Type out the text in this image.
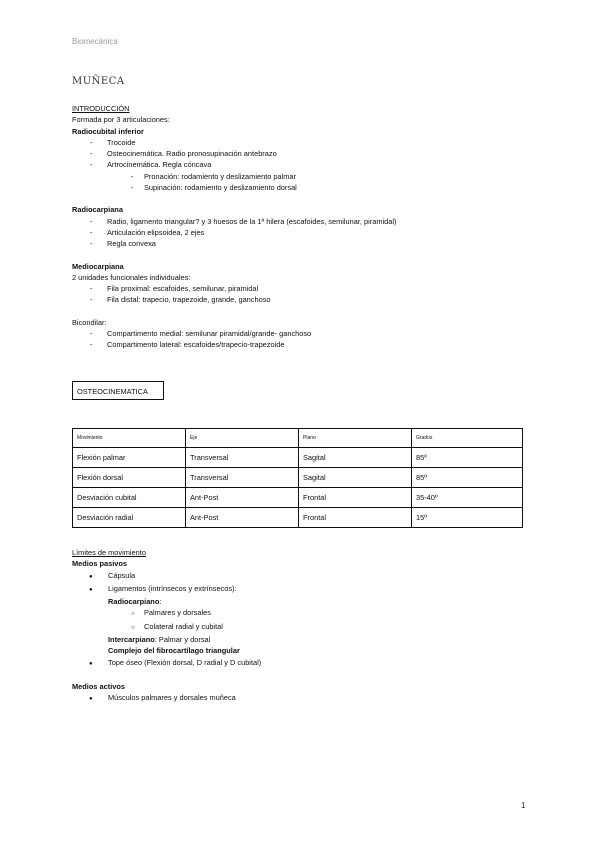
Biomecánica
muñeca
INTRODUCCIÓN
Formada por 3 articulaciones:
Radiocubital inferior
- Trocoide
- Osteocinemática. Radio pronosupinación antebrazo
- Artrocinemática. Regla cóncava
- Pronación: rodamiento y deslizamiento palmar
- Supinación: rodamiento y deslizamiento dorsal
Radiocarpiana
- Radio, ligamento triangular? y 3 huesos de la 1ª hilera (escafoides, semilunar, piramidal)
- Articulación elipsoidea, 2 ejes
- Regla convexa
Mediocarpiana
2 unidades funcionales individuales:
- Fila proximal: escafoides, semilunar, piramidal
- Fila distal: trapecio, trapezoide, grande, ganchoso
Bicondilar:
- Compartimento medial: semilunar piramidal/grande- ganchoso
- Compartimento lateral: escafoides/trapecio-trapezoide
OSTEOCINEMATICA
Movimiento	Eje	Plano	Grados
Flexión palmar	Transversal	Sagital	85º
Flexión dorsal	Transversal	Sagital	85º
Desviación cubital	Ant-Post	Frontal	35-40º
Desviación radial	Ant-Post	Frontal	15º
Límites de movimiento
Medios pasivos
● Cápsula
● Ligamentos (intrínsecos y extrínsecos):
Radiocarpiano:
○ Palmares y dorsales
○ Colateral radial y cubital
Intercarpiano: Palmar y dorsal
Complejo del fibrocartílago triangular
● Tope óseo (Flexión dorsal, D radial y D cubital)
Medios activos
● Músculos palmares y dorsales muñeca
1
